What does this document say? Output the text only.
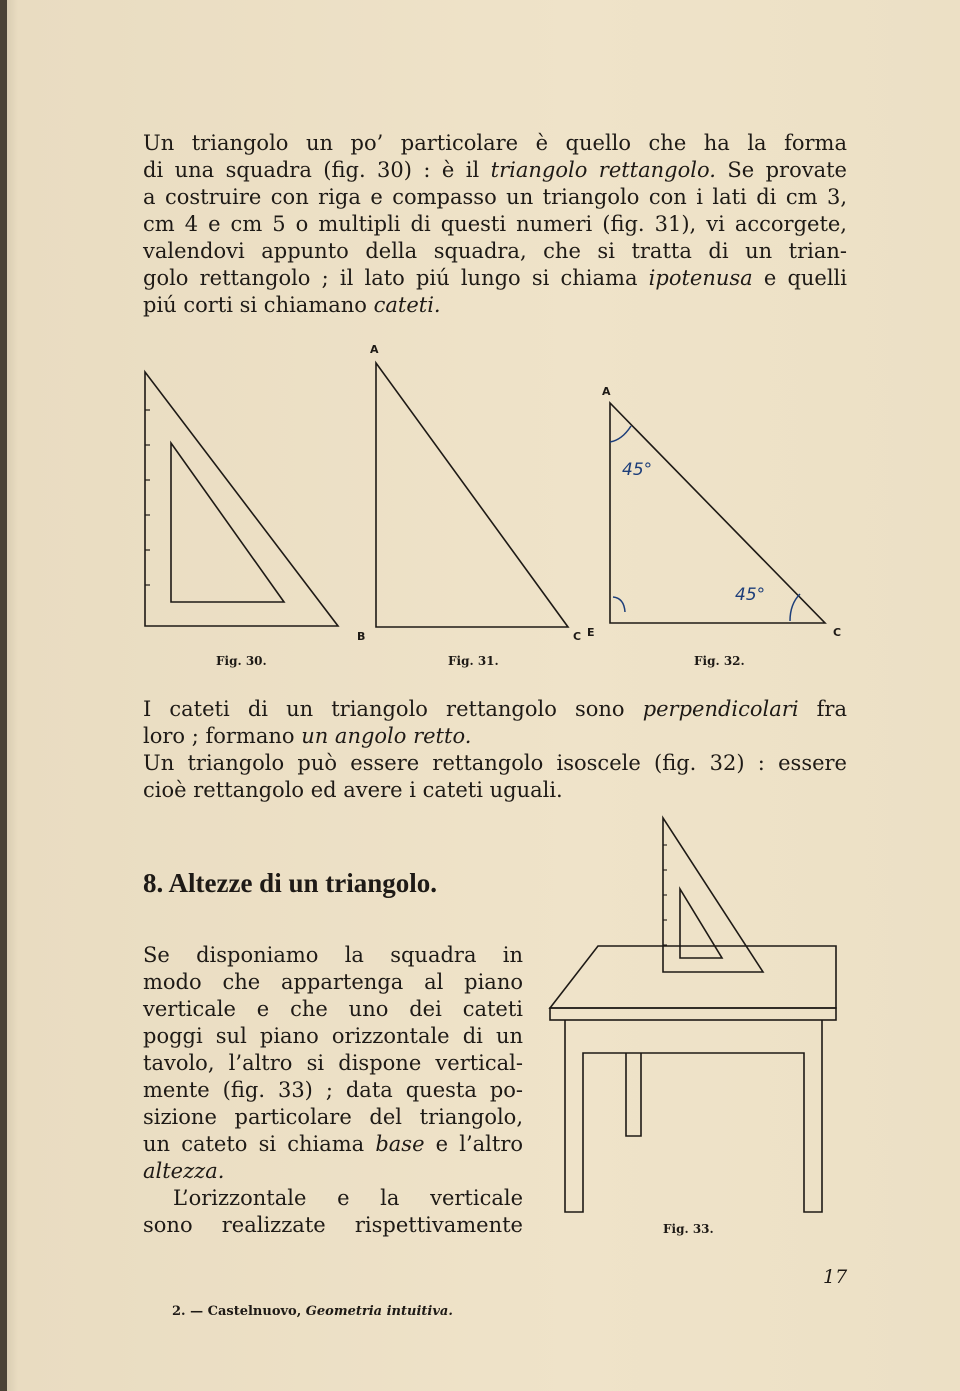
Un triangolo un po’ particolare è quello che ha la forma
di una squadra (fig. 30) : è il triangolo rettangolo. Se provate
a costruire con riga e compasso un triangolo con i lati di cm 3,
cm 4 e cm 5 o multipli di questi numeri (fig. 31), vi accorgete,
valendovi appunto della squadra, che si tratta di un trian-
golo rettangolo ; il lato piú lungo si chiama ipotenusa e quelli
piú corti si chiamano cateti.
A
B	C
A
E	C
45°
45°
Fig. 30.	Fig. 31.	Fig. 32.
I cateti di un triangolo rettangolo sono perpendicolari fra
loro ; formano un angolo retto.
Un triangolo può essere rettangolo isoscele (fig. 32) : essere
cioè rettangolo ed avere i cateti uguali.
8. Altezze di un triangolo.
Se disponiamo la squadra in
modo che appartenga al piano
verticale e che uno dei cateti
poggi sul piano orizzontale di un
tavolo, l’altro si dispone vertical-
mente (fig. 33) ; data questa po-
sizione particolare del triangolo,
un cateto si chiama base e l’altro
altezza.
L’orizzontale e la verticale
sono realizzate rispettivamente	Fig. 33.
17
2. — Castelnuovo, Geometria intuitiva.
